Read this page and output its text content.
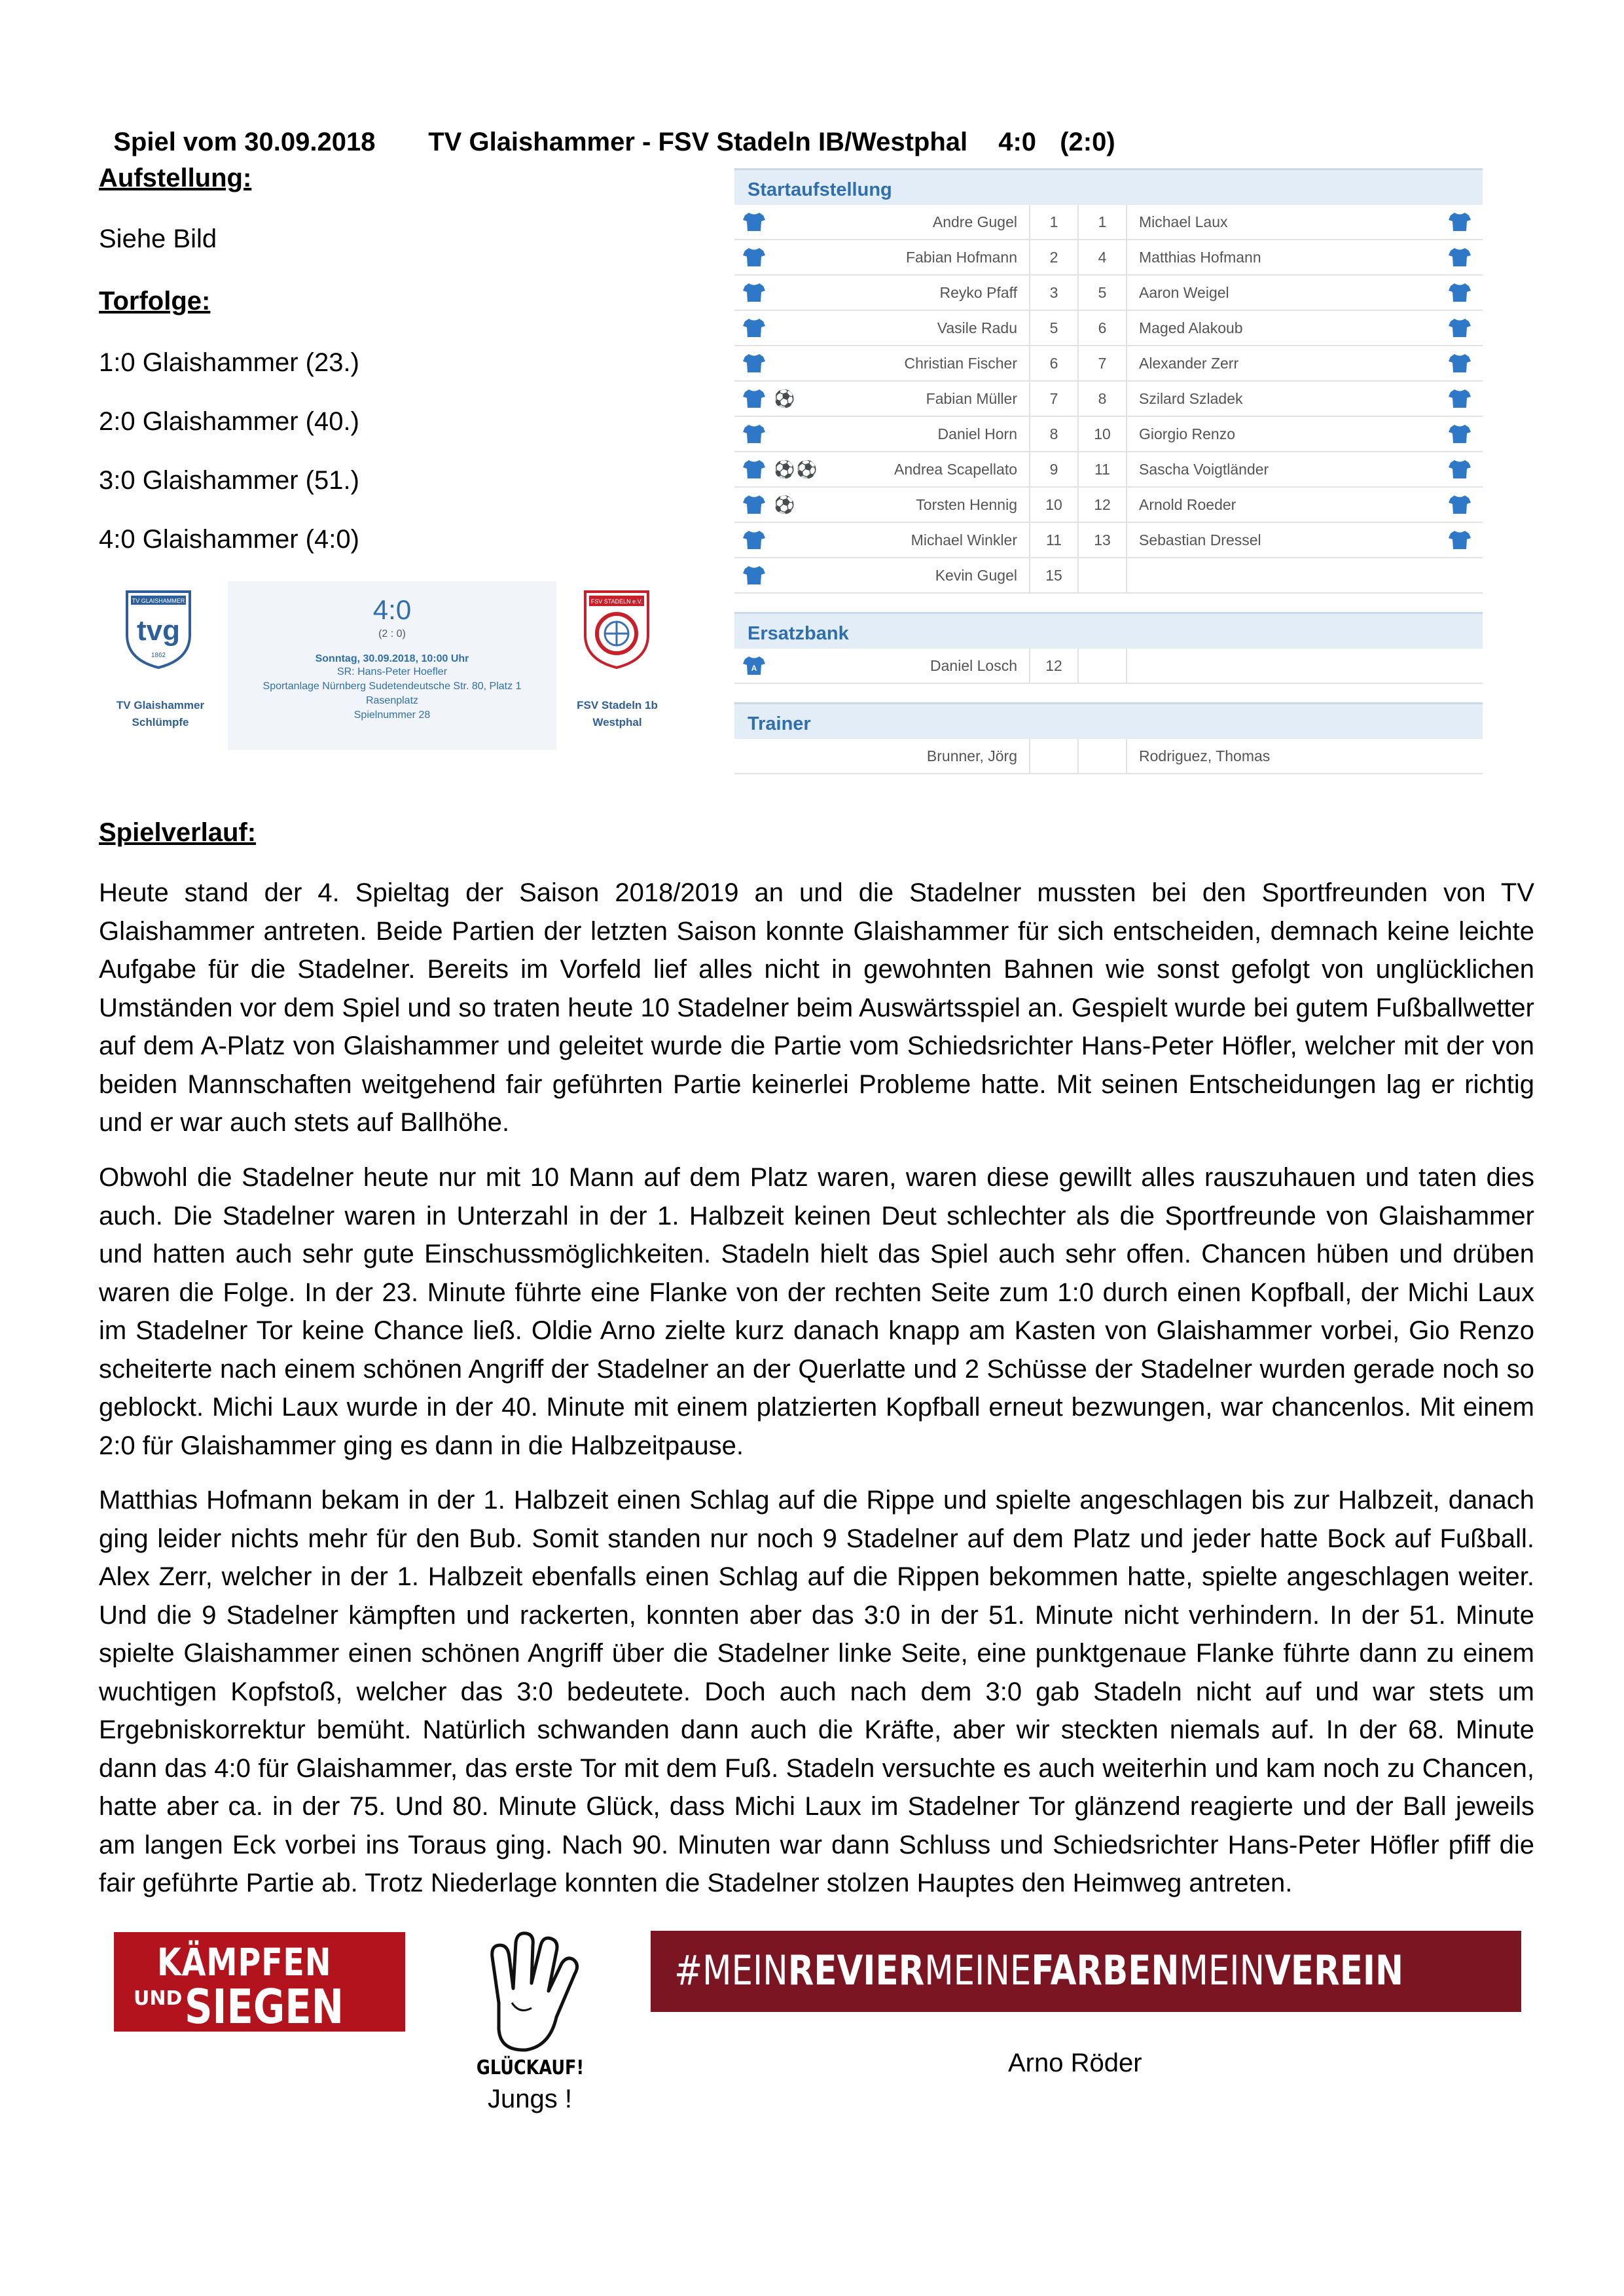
Spiel vom 30.09.2018 TV Glaishammer - FSV Stadeln IB/Westphal 4:0 (2:0)

Aufstellung:
Siehe Bild
Torfolge:
1:0 Glaishammer (23.)
2:0 Glaishammer (40.)
3:0 Glaishammer (51.)
4:0 Glaishammer (4:0)
TV GLAISHAMMER
tvg
1862
TV Glaishammer
Schlümpfe
4:0
(2 : 0)
Sonntag, 30.09.2018, 10:00 Uhr
SR: Hans-Peter Hoefler
Sportanlage Nürnberg Sudetendeutsche Str. 80, Platz 1
Rasenplatz
Spielnummer 28
FSV STADELN e.V.
FSV Stadeln 1b
Westphal
Startaufstellung
Andre Gugel	1	1	Michael Laux
Fabian Hofmann	2	4	Matthias Hofmann
Reyko Pfaff	3	5	Aaron Weigel
Vasile Radu	5	6	Maged Alakoub
Christian Fischer	6	7	Alexander Zerr
⚽	Fabian Müller	7	8	Szilard Szladek
Daniel Horn	8	10	Giorgio Renzo
⚽ ⚽	Andrea Scapellato	9	11	Sascha Voigtländer
⚽	Torsten Hennig	10	12	Arnold Roeder
Michael Winkler	11	13	Sebastian Dressel
Kevin Gugel	15
Ersatzbank
A	Daniel Losch	12
Trainer
Brunner, Jörg	Rodriguez, Thomas
Spielverlauf:
Heute stand der 4. Spieltag der Saison 2018/2019 an und die Stadelner mussten bei den Sportfreunden von TV Glaishammer antreten. Beide Partien der letzten Saison konnte Glaishammer für sich entscheiden, demnach keine leichte Aufgabe für die Stadelner. Bereits im Vorfeld lief alles nicht in gewohnten Bahnen wie sonst gefolgt von unglücklichen Umständen vor dem Spiel und so traten heute 10 Stadelner beim Auswärtsspiel an. Gespielt wurde bei gutem Fußballwetter auf dem A-Platz von Glaishammer und geleitet wurde die Partie vom Schiedsrichter Hans-Peter Höfler, welcher mit der von beiden Mannschaften weitgehend fair geführten Partie keinerlei Probleme hatte. Mit seinen Entscheidungen lag er richtig und er war auch stets auf Ballhöhe.
Obwohl die Stadelner heute nur mit 10 Mann auf dem Platz waren, waren diese gewillt alles rauszuhauen und taten dies auch. Die Stadelner waren in Unterzahl in der 1. Halbzeit keinen Deut schlechter als die Sportfreunde von Glaishammer und hatten auch sehr gute Einschussmöglichkeiten. Stadeln hielt das Spiel auch sehr offen. Chancen hüben und drüben waren die Folge. In der 23. Minute führte eine Flanke von der rechten Seite zum 1:0 durch einen Kopfball, der Michi Laux im Stadelner Tor keine Chance ließ. Oldie Arno zielte kurz danach knapp am Kasten von Glaishammer vorbei, Gio Renzo scheiterte nach einem schönen Angriff der Stadelner an der Querlatte und 2 Schüsse der Stadelner wurden gerade noch so geblockt. Michi Laux wurde in der 40. Minute mit einem platzierten Kopfball erneut bezwungen, war chancenlos. Mit einem 2:0 für Glaishammer ging es dann in die Halbzeitpause.
Matthias Hofmann bekam in der 1. Halbzeit einen Schlag auf die Rippe und spielte angeschlagen bis zur Halbzeit, danach ging leider nichts mehr für den Bub. Somit standen nur noch 9 Stadelner auf dem Platz und jeder hatte Bock auf Fußball. Alex Zerr, welcher in der 1. Halbzeit ebenfalls einen Schlag auf die Rippen bekommen hatte, spielte angeschlagen weiter. Und die 9 Stadelner kämpften und rackerten, konnten aber das 3:0 in der 51. Minute nicht verhindern. In der 51. Minute spielte Glaishammer einen schönen Angriff über die Stadelner linke Seite, eine punktgenaue Flanke führte dann zu einem wuchtigen Kopfstoß, welcher das 3:0 bedeutete. Doch auch nach dem 3:0 gab Stadeln nicht auf und war stets um Ergebniskorrektur bemüht. Natürlich schwanden dann auch die Kräfte, aber wir steckten niemals auf. In der 68. Minute dann das 4:0 für Glaishammer, das erste Tor mit dem Fuß. Stadeln versuchte es auch weiterhin und kam noch zu Chancen, hatte aber ca. in der 75. Und 80. Minute Glück, dass Michi Laux im Stadelner Tor glänzend reagierte und der Ball jeweils am langen Eck vorbei ins Toraus ging. Nach 90. Minuten war dann Schluss und Schiedsrichter Hans-Peter Höfler pfiff die fair geführte Partie ab. Trotz Niederlage konnten die Stadelner stolzen Hauptes den Heimweg antreten.
KÄMPFEN
UND SIEGEN
GLÜCKAUF!
Jungs !
#MEINREVIERMEINEFARBENMEINVEREIN
Arno Röder
